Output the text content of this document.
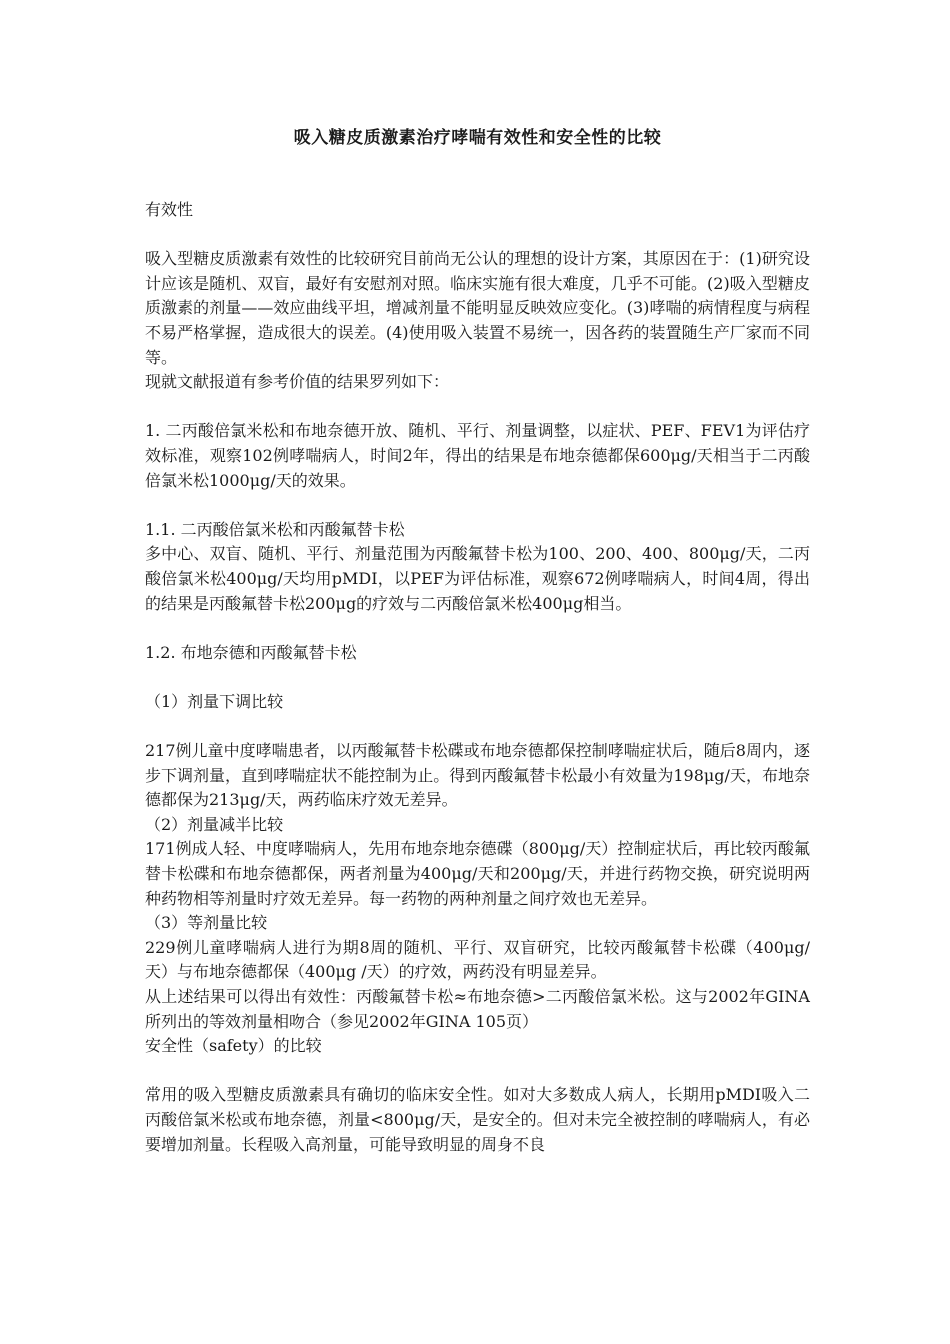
吸入糖皮质激素治疗哮喘有效性和安全性的比较

有效性

吸入型糖皮质激素有效性的比较研究目前尚无公认的理想的设计方案，其原因在于：(1)研究设计应该是随机、双盲，最好有安慰剂对照。临床实施有很大难度，几乎不可能。(2)吸入型糖皮质激素的剂量——效应曲线平坦，增减剂量不能明显反映效应变化。(3)哮喘的病情程度与病程不易严格掌握，造成很大的误差。(4)使用吸入装置不易统一，因各药的装置随生产厂家而不同等。

现就文献报道有参考价值的结果罗列如下：

1. 二丙酸倍氯米松和布地奈德开放、随机、平行、剂量调整，以症状、PEF、FEV1为评估疗效标准，观察102例哮喘病人，时间2年，得出的结果是布地奈德都保600μg/天相当于二丙酸倍氯米松1000μg/天的效果。

1.1. 二丙酸倍氯米松和丙酸氟替卡松

多中心、双盲、随机、平行、剂量范围为丙酸氟替卡松为100、200、400、800μg/天，二丙酸倍氯米松400μg/天均用pMDI，以PEF为评估标准，观察672例哮喘病人，时间4周，得出的结果是丙酸氟替卡松200μg的疗效与二丙酸倍氯米松400μg相当。

1.2. 布地奈德和丙酸氟替卡松

（1）剂量下调比较

217例儿童中度哮喘患者，以丙酸氟替卡松碟或布地奈德都保控制哮喘症状后，随后8周内，逐步下调剂量，直到哮喘症状不能控制为止。得到丙酸氟替卡松最小有效量为198μg/天，布地奈德都保为213μg/天，两药临床疗效无差异。

（2）剂量减半比较

171例成人轻、中度哮喘病人，先用布地奈地奈德碟（800μg/天）控制症状后，再比较丙酸氟替卡松碟和布地奈德都保，两者剂量为400μg/天和200μg/天，并进行药物交换，研究说明两种药物相等剂量时疗效无差异。每一药物的两种剂量之间疗效也无差异。

（3）等剂量比较

229例儿童哮喘病人进行为期8周的随机、平行、双盲研究，比较丙酸氟替卡松碟（400μg/天）与布地奈德都保（400μg /天）的疗效，两药没有明显差异。

从上述结果可以得出有效性：丙酸氟替卡松≈布地奈德>二丙酸倍氯米松。这与2002年GINA所列出的等效剂量相吻合（参见2002年GINA 105页）

安全性（safety）的比较

常用的吸入型糖皮质激素具有确切的临床安全性。如对大多数成人病人，长期用pMDI吸入二丙酸倍氯米松或布地奈德，剂量<800μg/天，是安全的。但对未完全被控制的哮喘病人，有必要增加剂量。长程吸入高剂量，可能导致明显的周身不良
